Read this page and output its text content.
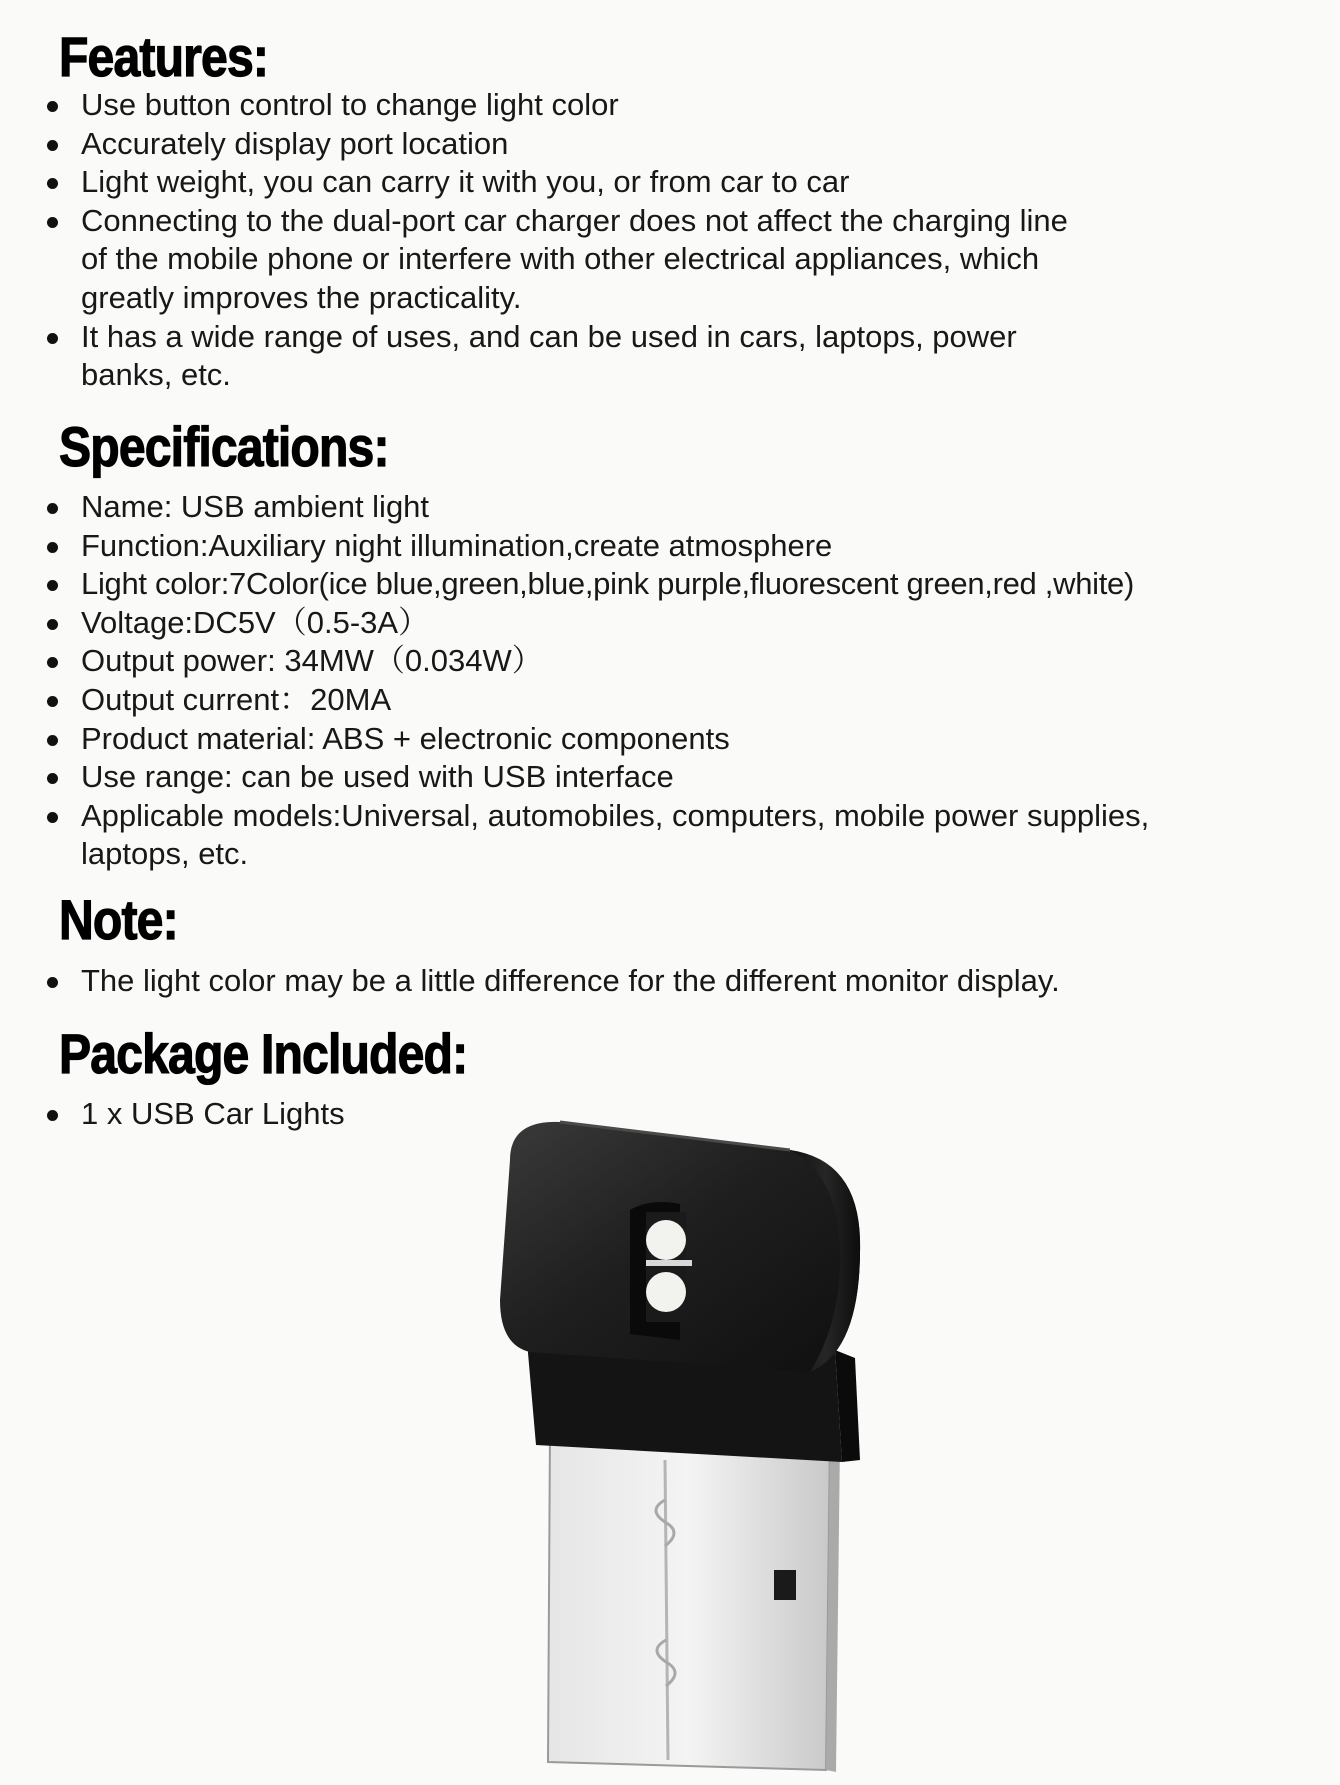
Features:
Use button control to change light color
Accurately display port location
Light weight, you can carry it with you, or from car to car
Connecting to the dual-port car charger does not affect the charging line of the mobile phone or interfere with other electrical appliances, which greatly improves the practicality.
It has a wide range of uses, and can be used in cars, laptops, power banks, etc.
Specifications:
Name: USB ambient light
Function:Auxiliary night illumination,create atmosphere
Light color:7Color(ice blue,green,blue,pink purple,fluorescent green,red ,white)
Voltage:DC5V（0.5-3A）
Output power: 34MW（0.034W）
Output current：20MA
Product material: ABS + electronic components
Use range: can be used with USB interface
Applicable models:Universal, automobiles, computers, mobile power supplies, laptops, etc.
Note:
The light color may be a little difference for the different monitor display.
Package Included:
1 x USB Car Lights
